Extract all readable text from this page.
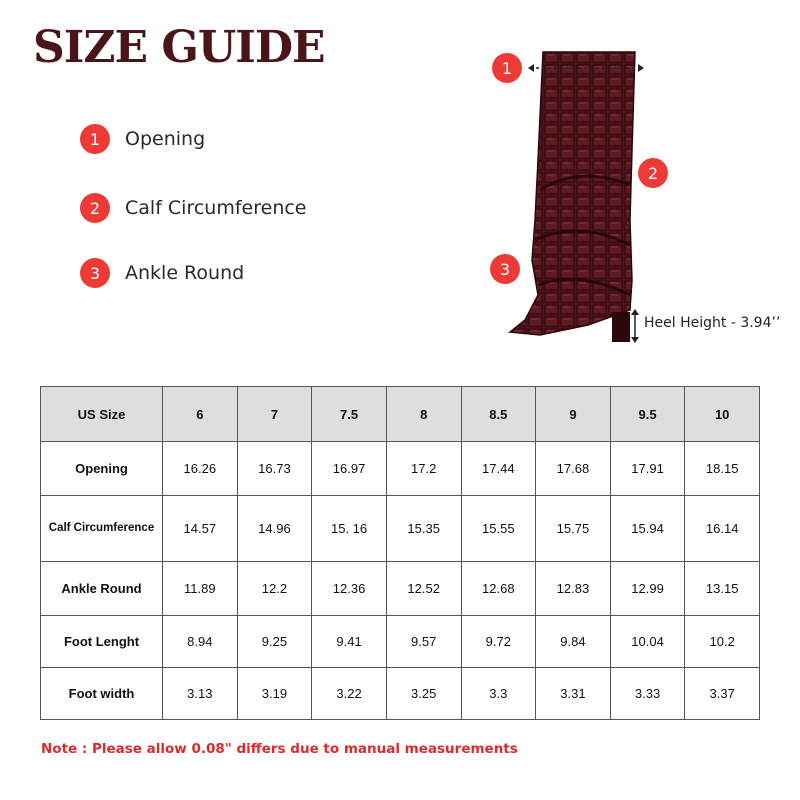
SIZE GUIDE
1	Opening
2	Calf Circumference
3	Ankle Round
1
2
3
Heel Height - 3.94’’
US Size	6	7	7.5	8	8.5	9	9.5	10
Opening	16.26	16.73	16.97	17.2	17.44	17.68	17.91	18.15
Calf Circumference	14.57	14.96	15. 16	15.35	15.55	15.75	15.94	16.14
Ankle Round	11.89	12.2	12.36	12.52	12.68	12.83	12.99	13.15
Foot Lenght	8.94	9.25	9.41	9.57	9.72	9.84	10.04	10.2
Foot width	3.13	3.19	3.22	3.25	3.3	3.31	3.33	3.37
Note : Please allow 0.08" differs due to manual measurements
